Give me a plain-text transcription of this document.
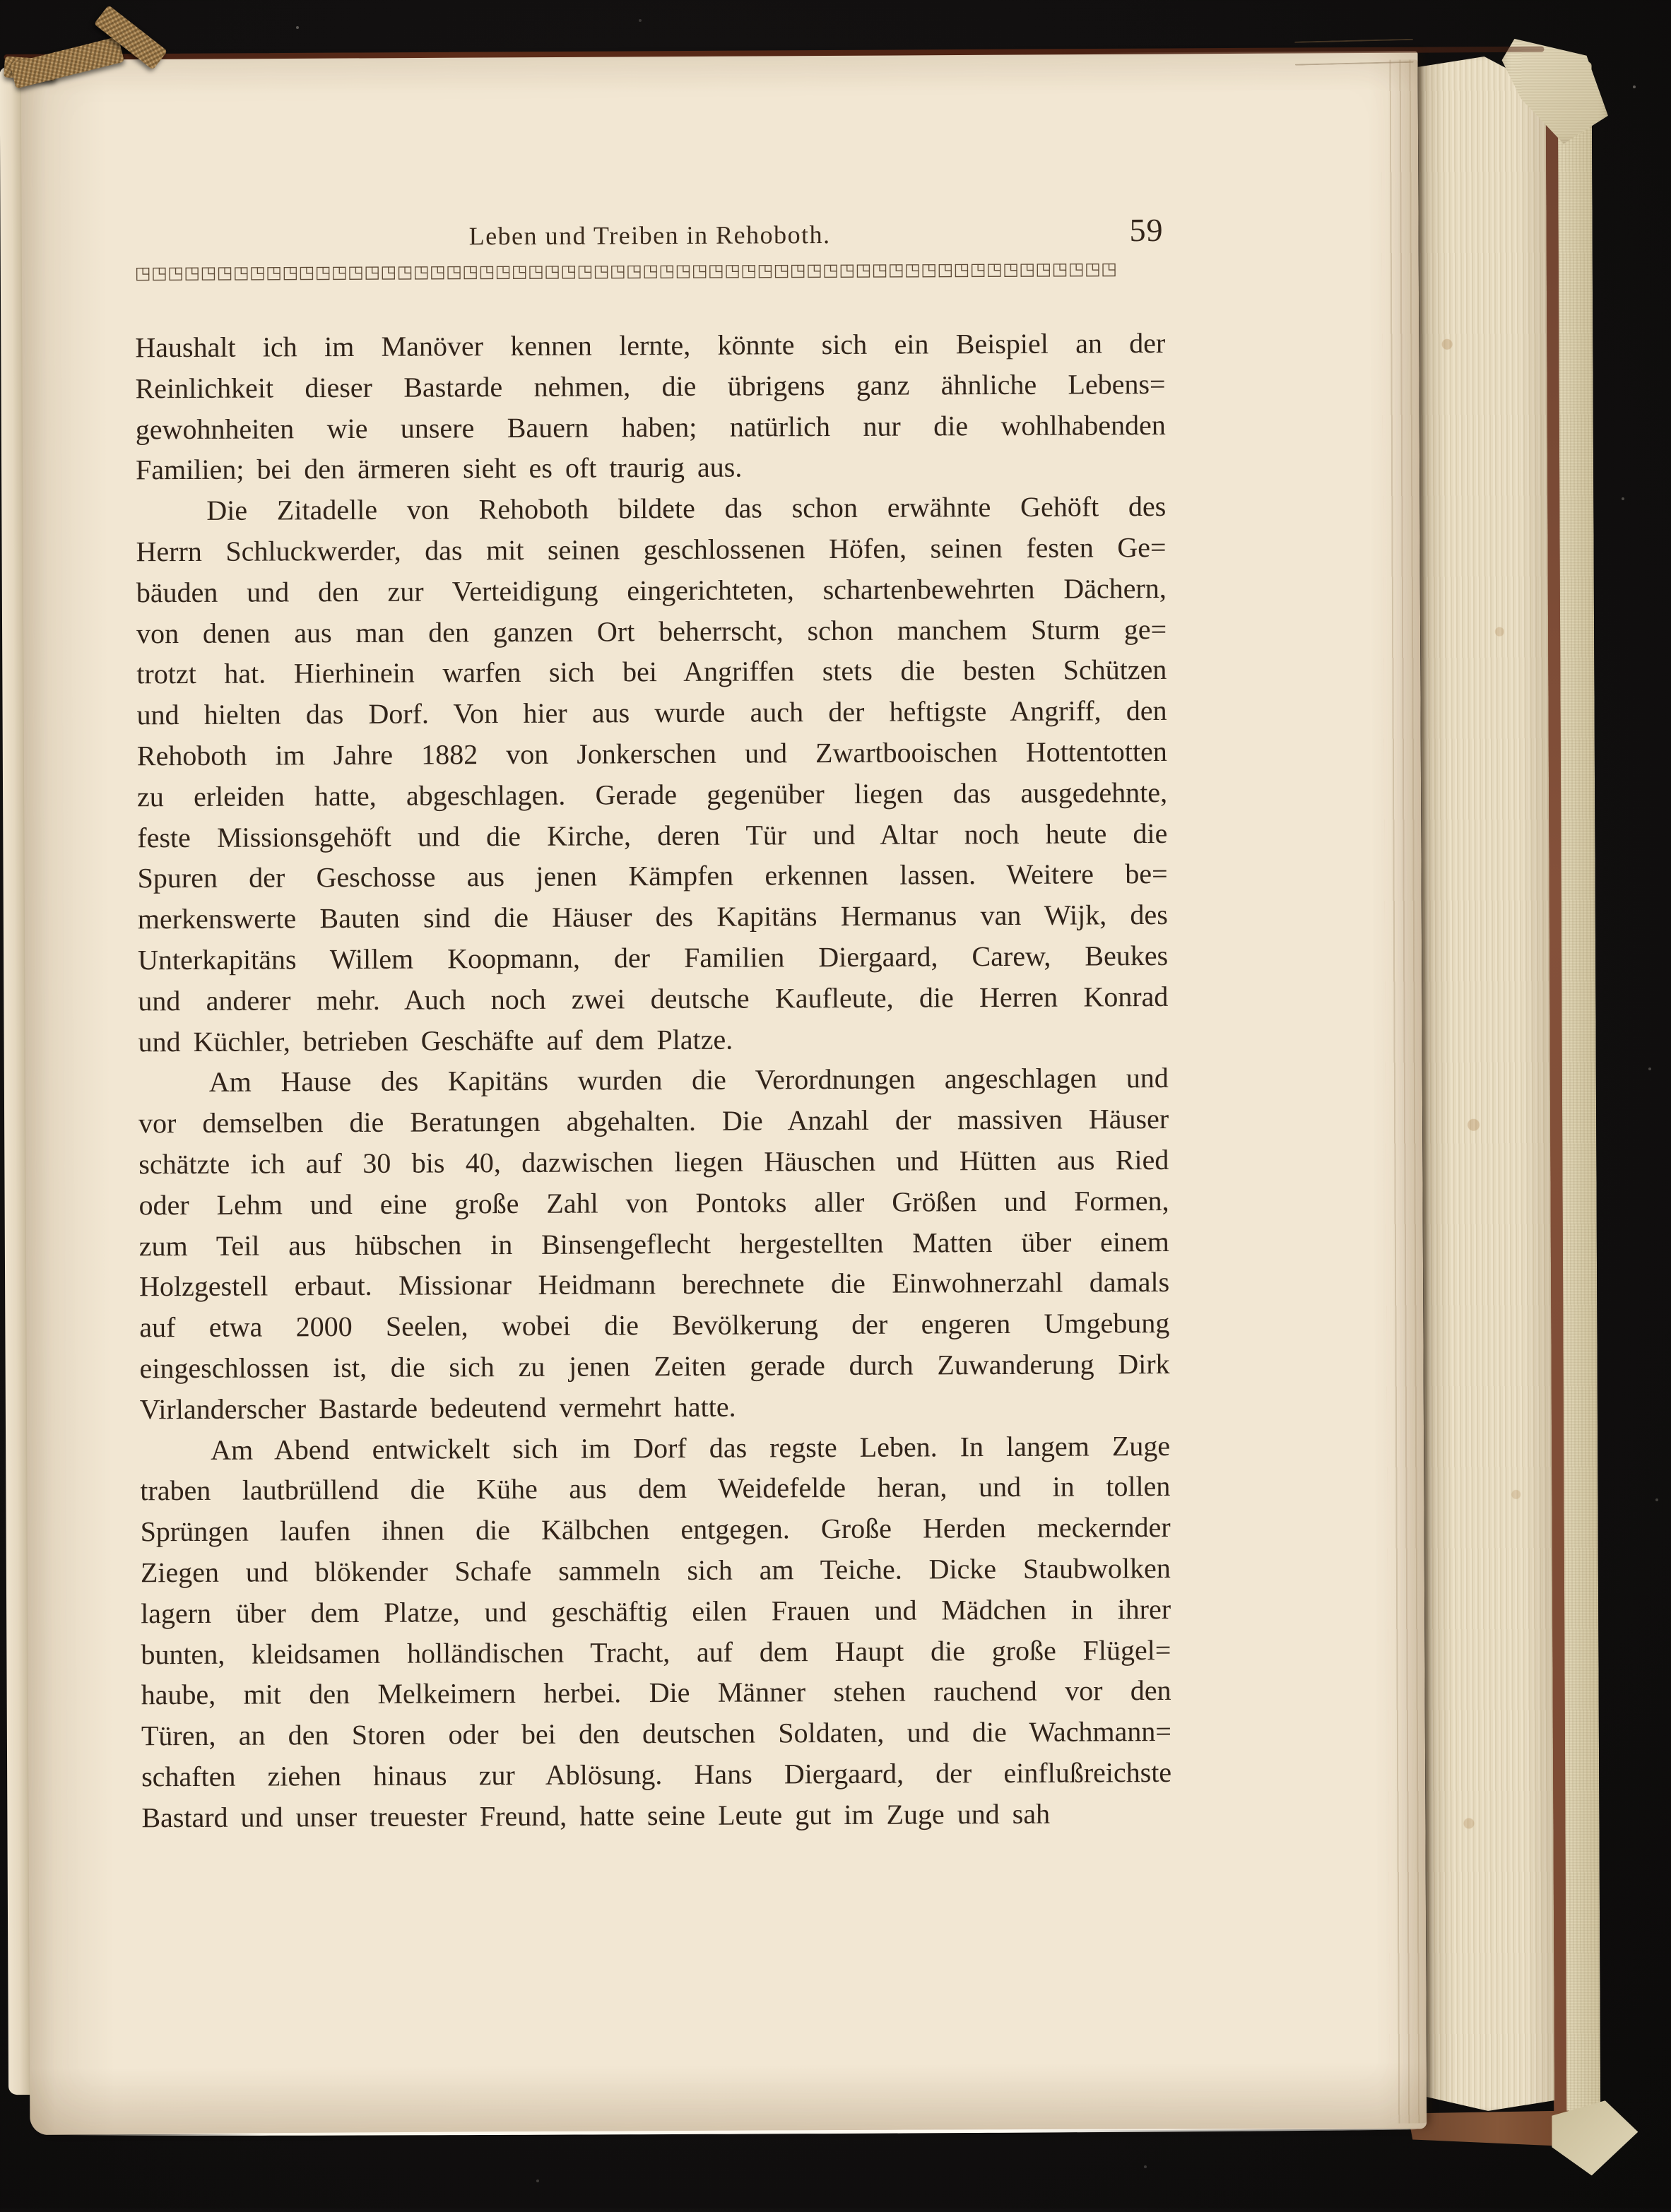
Leben und Treiben in Rehoboth.	59
◳◳◳◳◳◳◳◳◳◳◳◳◳◳◳◳◳◳◳◳◳◳◳◳◳◳◳◳◳◳◳◳◳◳◳◳◳◳◳◳◳◳◳◳◳◳◳◳◳◳◳◳◳◳◳◳◳◳◳◳
Haushalt ich im Manöver kennen lernte, könnte sich ein Beispiel an der
Reinlichkeit dieser Bastarde nehmen, die übrigens ganz ähnliche Lebens=
gewohnheiten wie unsere Bauern haben; natürlich nur die wohlhabenden
Familien; bei den ärmeren sieht es oft traurig aus.
Die Zitadelle von Rehoboth bildete das schon erwähnte Gehöft des
Herrn Schluckwerder, das mit seinen geschlossenen Höfen, seinen festen Ge=
bäuden und den zur Verteidigung eingerichteten, schartenbewehrten Dächern,
von denen aus man den ganzen Ort beherrscht, schon manchem Sturm ge=
trotzt hat. Hierhinein warfen sich bei Angriffen stets die besten Schützen
und hielten das Dorf. Von hier aus wurde auch der heftigste Angriff, den
Rehoboth im Jahre 1882 von Jonkerschen und Zwartbooischen Hottentotten
zu erleiden hatte, abgeschlagen. Gerade gegenüber liegen das ausgedehnte,
feste Missionsgehöft und die Kirche, deren Tür und Altar noch heute die
Spuren der Geschosse aus jenen Kämpfen erkennen lassen. Weitere be=
merkenswerte Bauten sind die Häuser des Kapitäns Hermanus van Wijk, des
Unterkapitäns Willem Koopmann, der Familien Diergaard, Carew, Beukes
und anderer mehr. Auch noch zwei deutsche Kaufleute, die Herren Konrad
und Küchler, betrieben Geschäfte auf dem Platze.
Am Hause des Kapitäns wurden die Verordnungen angeschlagen und
vor demselben die Beratungen abgehalten. Die Anzahl der massiven Häuser
schätzte ich auf 30 bis 40, dazwischen liegen Häuschen und Hütten aus Ried
oder Lehm und eine große Zahl von Pontoks aller Größen und Formen,
zum Teil aus hübschen in Binsengeflecht hergestellten Matten über einem
Holzgestell erbaut. Missionar Heidmann berechnete die Einwohnerzahl damals
auf etwa 2000 Seelen, wobei die Bevölkerung der engeren Umgebung
eingeschlossen ist, die sich zu jenen Zeiten gerade durch Zuwanderung Dirk
Virlanderscher Bastarde bedeutend vermehrt hatte.
Am Abend entwickelt sich im Dorf das regste Leben. In langem Zuge
traben lautbrüllend die Kühe aus dem Weidefelde heran, und in tollen
Sprüngen laufen ihnen die Kälbchen entgegen. Große Herden meckernder
Ziegen und blökender Schafe sammeln sich am Teiche. Dicke Staubwolken
lagern über dem Platze, und geschäftig eilen Frauen und Mädchen in ihrer
bunten, kleidsamen holländischen Tracht, auf dem Haupt die große Flügel=
haube, mit den Melkeimern herbei. Die Männer stehen rauchend vor den
Türen, an den Storen oder bei den deutschen Soldaten, und die Wachmann=
schaften ziehen hinaus zur Ablösung. Hans Diergaard, der einflußreichste
Bastard und unser treuester Freund, hatte seine Leute gut im Zuge und sah
